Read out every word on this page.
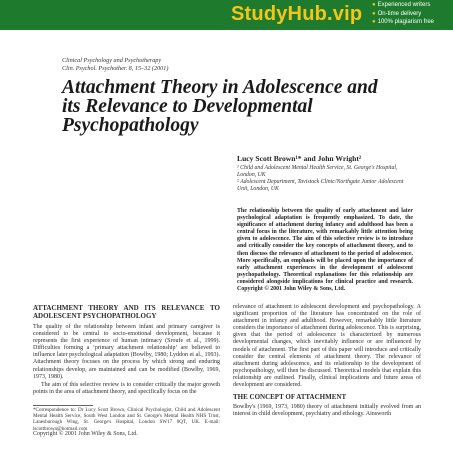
StudyHub.vip ● Experienced writers
● On-time delivery
● 100% plagiarism free
Clinical Psychology and Psychotherapy
Clin. Psychol. Psychother. 8, 15–32 (2001)
Attachment Theory in Adolescence and its Relevance to Developmental Psychopathology
Lucy Scott Brown¹* and John Wright²
¹ Child and Adolescent Mental Health Service, St. George's Hospital, London, UK
² Adolescent Department, Tavistock Clinic/Northgate Junior Adolescent Unit, London, UK
The relationship between the quality of early attachment and later psychological adaptation is frequently emphasized. To date, the significance of attachment during infancy and adulthood has been a central focus in the literature, with remarkably little attention being given to adolescence. The aim of this selective review is to introduce and critically consider the key concepts of attachment theory, and to then discuss the relevance of attachment to the period of adolescence. More specifically, an emphasis will be placed upon the importance of early attachment experiences in the development of adolescent psychopathology. Theoretical explanations for this relationship are considered alongside implications for clinical practice and research. Copyright © 2001 John Wiley & Sons, Ltd.
ATTACHMENT THEORY AND ITS RELEVANCE TO ADOLESCENT PSYCHOPATHOLOGY

The quality of the relationship between infant and primary caregiver is considered to be central to socio-emotional development, because it represents the first experience of human intimacy (Sroufe et al., 1999). Difficulties forming a ‘primary attachment relationship’ are believed to influence later psychological adaptation (Bowlby, 1980; Lyddon et al., 1993). Attachment theory focuses on the process by which strong and enduring relationships develop, are maintained and can be modified (Bowlby, 1969, 1973, 1980).

The aim of this selective review is to consider critically the major growth points in the area of attachment theory, and specifically focus on the

relevance of attachment to adolescent development and psychopathology. A significant proportion of the literature has concentrated on the role of attachment in infancy and adulthood. However, remarkably little literature considers the importance of attachment during adolescence. This is surprising, given that the period of adolescence is characterized by numerous developmental changes, which inevitably influence or are influenced by models of attachment. The first part of this paper will introduce and critically consider the central elements of attachment theory. The relevance of attachment during adolescence, and its relationship to the development of psychopathology, will then be discussed. Theoretical models that explain this relationship are outlined. Finally, clinical implications and future areas of development are considered.

THE CONCEPT OF ATTACHMENT

Bowlby's (1969, 1973, 1980) theory of attachment initially evolved from an interest in child development, psychiatry and ethology. Ainsworth

*Correspondence to: Dr Lucy Scott Brown, Clinical Psychologist, Child and Adolescent Mental Health Service, South West London and St. George's Mental Health NHS Trust, Lanesborough Wing, St. George's Hospital, London SW17 0QT, UK. E-mail: lscottbrown@hotmail.com
Copyright © 2001 John Wiley & Sons, Ltd.
